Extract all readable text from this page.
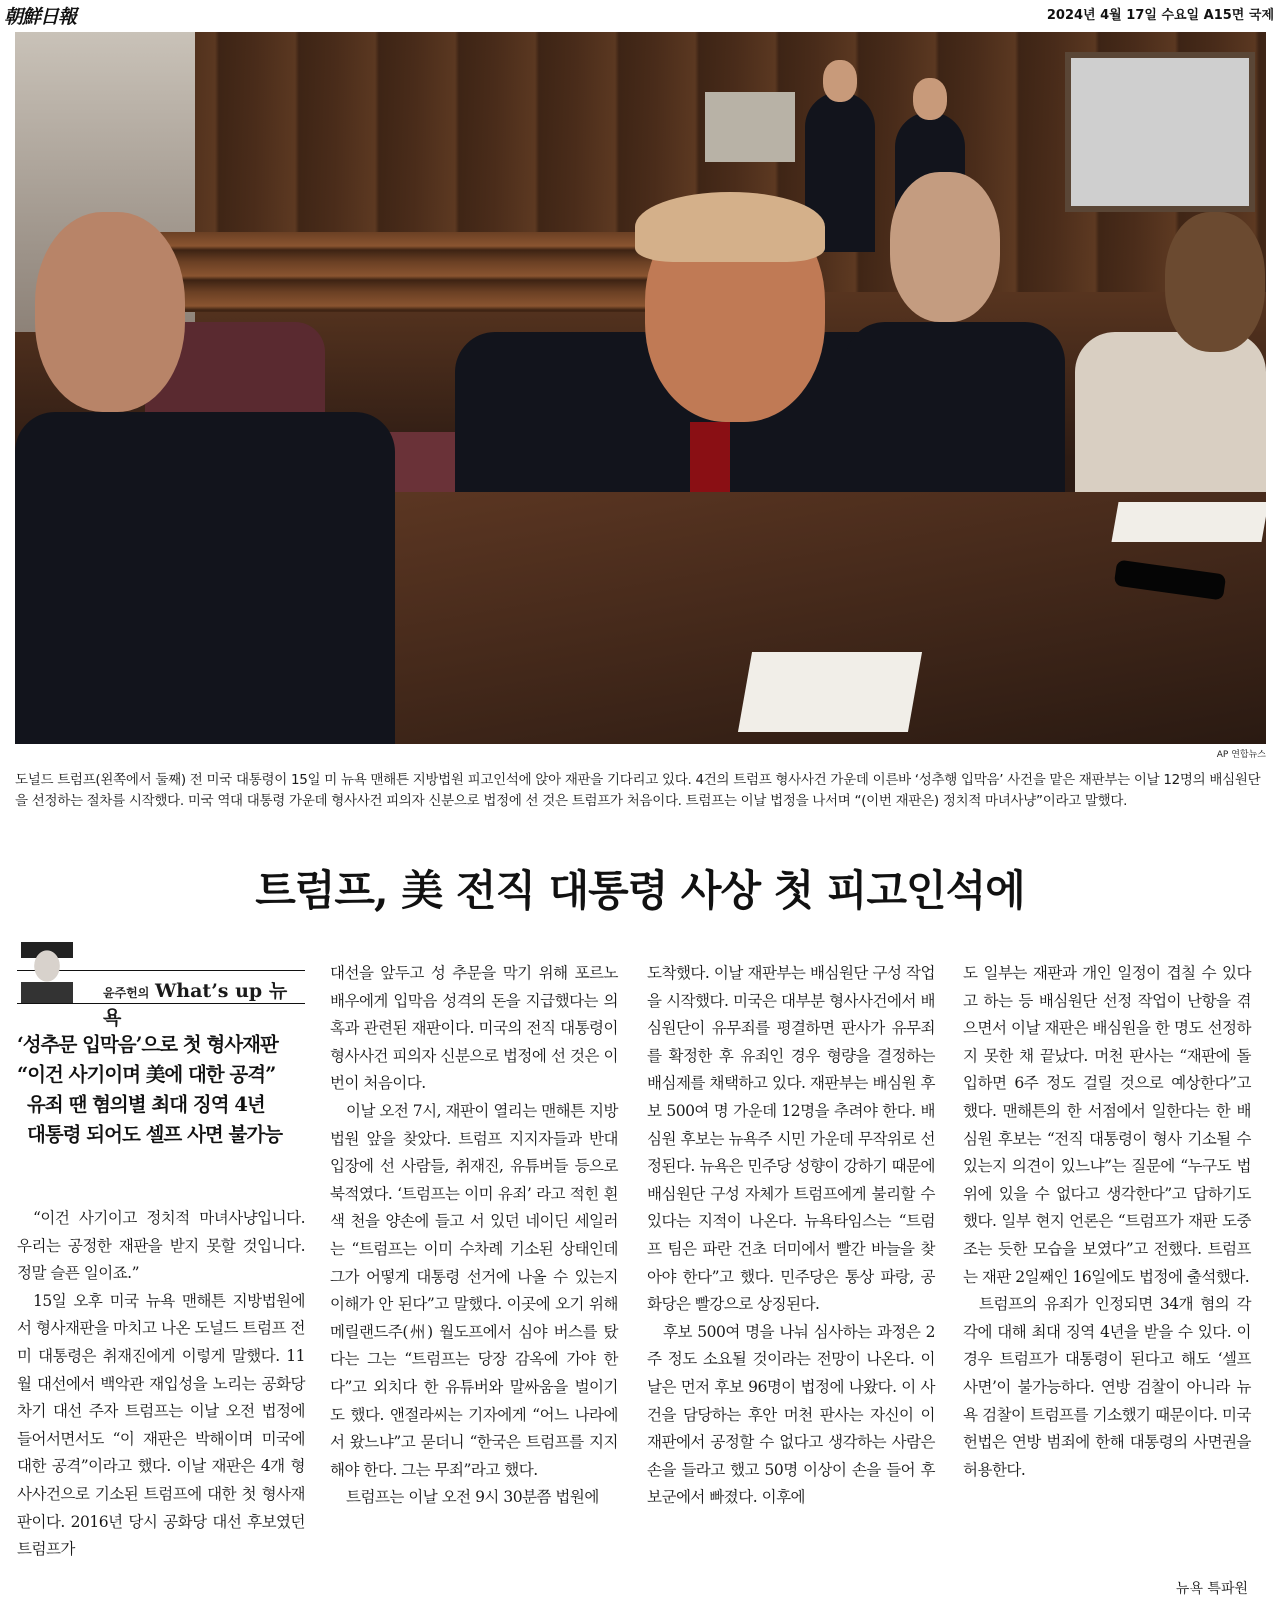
朝鮮日報	2024년 4월 17일 수요일 A15면 국제
AP 연합뉴스
도널드 트럼프(왼쪽에서 둘째) 전 미국 대통령이 15일 미 뉴욕 맨해튼 지방법원 피고인석에 앉아 재판을 기다리고 있다. 4건의 트럼프 형사사건 가운데 이른바 ‘성추행 입막음’ 사건을 맡은 재판부는 이날 12명의 배심원단을 선정하는 절차를 시작했다. 미국 역대 대통령 가운데 형사사건 피의자 신분으로 법정에 선 것은 트럼프가 처음이다. 트럼프는 이날 법정을 나서며 “(이번 재판은) 정치적 마녀사냥”이라고 말했다.
트럼프, 美 전직 대통령 사상 첫 피고인석에
윤주헌의 What’s up 뉴욕
‘성추문 입막음’으로 첫 형사재판
“이건 사기이며 美에 대한 공격”
유죄 땐 혐의별 최대 징역 4년
대통령 되어도 셀프 사면 불가능

“이건 사기이고 정치적 마녀사냥입니다. 우리는 공정한 재판을 받지 못할 것입니다. 정말 슬픈 일이죠.”

15일 오후 미국 뉴욕 맨해튼 지방법원에서 형사재판을 마치고 나온 도널드 트럼프 전 미 대통령은 취재진에게 이렇게 말했다. 11월 대선에서 백악관 재입성을 노리는 공화당 차기 대선 주자 트럼프는 이날 오전 법정에 들어서면서도 “이 재판은 박해이며 미국에 대한 공격”이라고 했다. 이날 재판은 4개 형사사건으로 기소된 트럼프에 대한 첫 형사재판이다. 2016년 당시 공화당 대선 후보였던 트럼프가

대선을 앞두고 성 추문을 막기 위해 포르노 배우에게 입막음 성격의 돈을 지급했다는 의혹과 관련된 재판이다. 미국의 전직 대통령이 형사사건 피의자 신분으로 법정에 선 것은 이번이 처음이다.

이날 오전 7시, 재판이 열리는 맨해튼 지방법원 앞을 찾았다. 트럼프 지지자들과 반대 입장에 선 사람들, 취재진, 유튜버들 등으로 북적였다. ‘트럼프는 이미 유죄’ 라고 적힌 흰색 천을 양손에 들고 서 있던 네이딘 세일러는 “트럼프는 이미 수차례 기소된 상태인데 그가 어떻게 대통령 선거에 나올 수 있는지 이해가 안 된다”고 말했다. 이곳에 오기 위해 메릴랜드주(州) 월도프에서 심야 버스를 탔다는 그는 “트럼프는 당장 감옥에 가야 한다”고 외치다 한 유튜버와 말싸움을 벌이기도 했다. 앤절라씨는 기자에게 “어느 나라에서 왔느냐”고 묻더니 “한국은 트럼프를 지지해야 한다. 그는 무죄”라고 했다.

트럼프는 이날 오전 9시 30분쯤 법원에

도착했다. 이날 재판부는 배심원단 구성 작업을 시작했다. 미국은 대부분 형사사건에서 배심원단이 유무죄를 평결하면 판사가 유무죄를 확정한 후 유죄인 경우 형량을 결정하는 배심제를 채택하고 있다. 재판부는 배심원 후보 500여 명 가운데 12명을 추려야 한다. 배심원 후보는 뉴욕주 시민 가운데 무작위로 선정된다. 뉴욕은 민주당 성향이 강하기 때문에 배심원단 구성 자체가 트럼프에게 불리할 수 있다는 지적이 나온다. 뉴욕타임스는 “트럼프 팀은 파란 건초 더미에서 빨간 바늘을 찾아야 한다”고 했다. 민주당은 통상 파랑, 공화당은 빨강으로 상징된다.

후보 500여 명을 나눠 심사하는 과정은 2주 정도 소요될 것이라는 전망이 나온다. 이날은 먼저 후보 96명이 법정에 나왔다. 이 사건을 담당하는 후안 머천 판사는 자신이 이 재판에서 공정할 수 없다고 생각하는 사람은 손을 들라고 했고 50명 이상이 손을 들어 후보군에서 빠졌다. 이후에

도 일부는 재판과 개인 일정이 겹칠 수 있다고 하는 등 배심원단 선정 작업이 난항을 겪으면서 이날 재판은 배심원을 한 명도 선정하지 못한 채 끝났다. 머천 판사는 “재판에 돌입하면 6주 정도 걸릴 것으로 예상한다”고 했다. 맨해튼의 한 서점에서 일한다는 한 배심원 후보는 “전직 대통령이 형사 기소될 수 있는지 의견이 있느냐”는 질문에 “누구도 법 위에 있을 수 없다고 생각한다”고 답하기도 했다. 일부 현지 언론은 “트럼프가 재판 도중 조는 듯한 모습을 보였다”고 전했다. 트럼프는 재판 2일째인 16일에도 법정에 출석했다.

트럼프의 유죄가 인정되면 34개 혐의 각각에 대해 최대 징역 4년을 받을 수 있다. 이 경우 트럼프가 대통령이 된다고 해도 ‘셀프 사면’이 불가능하다. 연방 검찰이 아니라 뉴욕 검찰이 트럼프를 기소했기 때문이다. 미국 헌법은 연방 범죄에 한해 대통령의 사면권을 허용한다.

뉴욕 특파원
